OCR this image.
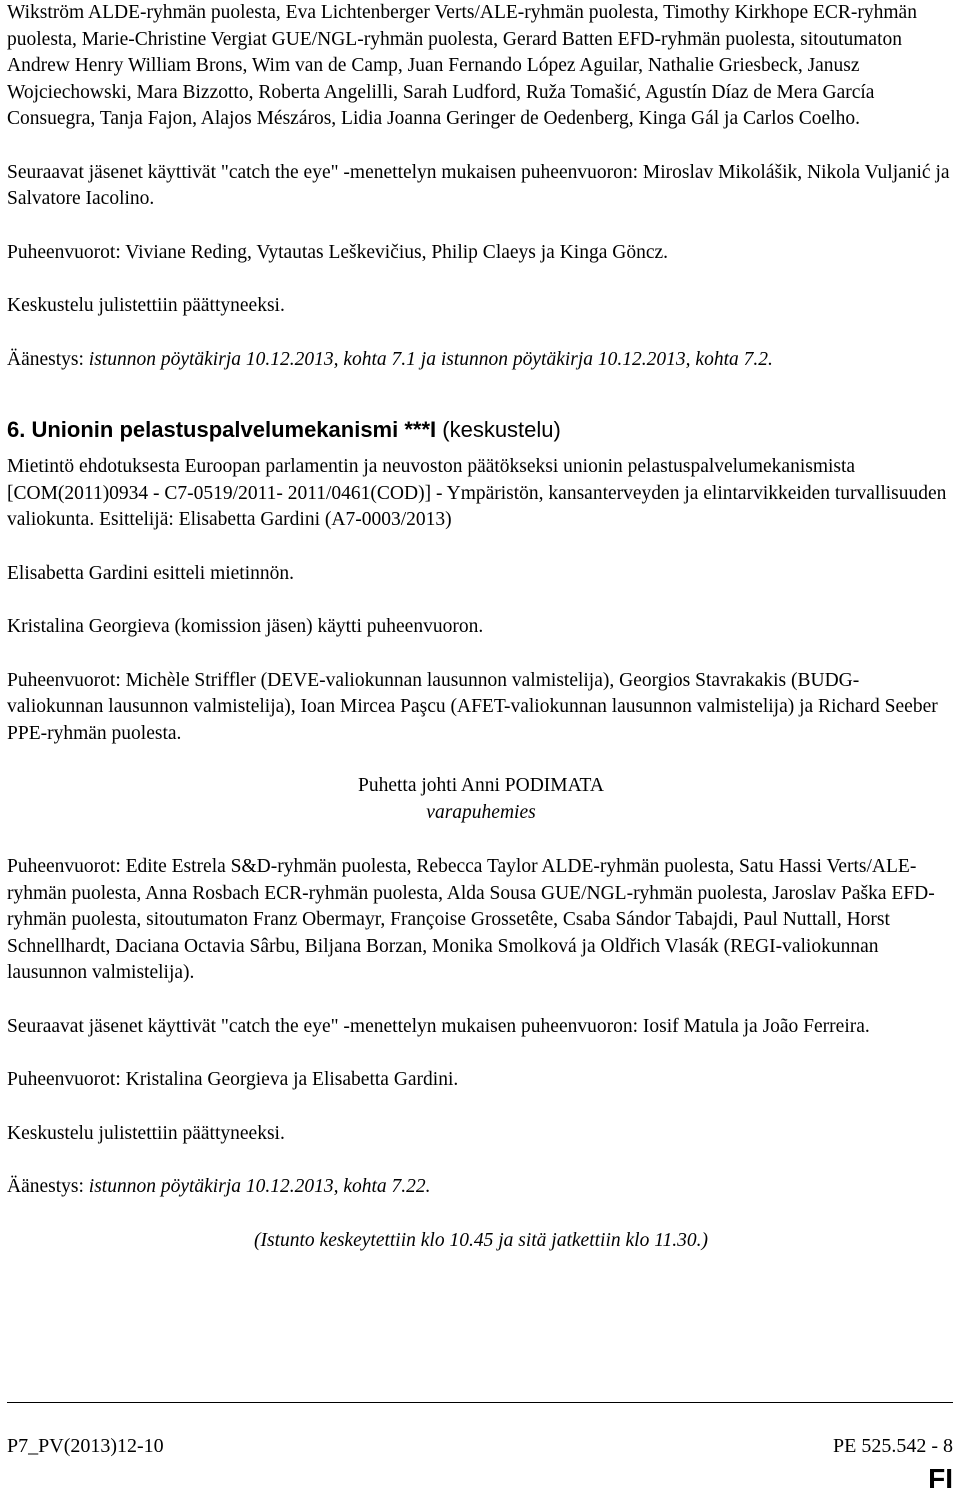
Wikström ALDE-ryhmän puolesta, Eva Lichtenberger Verts/ALE-ryhmän puolesta, Timothy Kirkhope ECR-ryhmän puolesta, Marie-Christine Vergiat GUE/NGL-ryhmän puolesta, Gerard Batten EFD-ryhmän puolesta, sitoutumaton Andrew Henry William Brons, Wim van de Camp, Juan Fernando López Aguilar, Nathalie Griesbeck, Janusz Wojciechowski, Mara Bizzotto, Roberta Angelilli, Sarah Ludford, Ruža Tomašić, Agustín Díaz de Mera García Consuegra, Tanja Fajon, Alajos Mészáros, Lidia Joanna Geringer de Oedenberg, Kinga Gál ja Carlos Coelho.

Seuraavat jäsenet käyttivät "catch the eye" -menettelyn mukaisen puheenvuoron: Miroslav Mikolášik, Nikola Vuljanić ja Salvatore Iacolino.

Puheenvuorot: Viviane Reding, Vytautas Leškevičius, Philip Claeys ja Kinga Göncz.

Keskustelu julistettiin päättyneeksi.

Äänestys: istunnon pöytäkirja 10.12.2013, kohta 7.1 ja istunnon pöytäkirja 10.12.2013, kohta 7.2.

6. Unionin pelastuspalvelumekanismi ***I (keskustelu)

Mietintö ehdotuksesta Euroopan parlamentin ja neuvoston päätökseksi unionin pelastuspalvelumekanismista [COM(2011)0934 - C7-0519/2011- 2011/0461(COD)] - Ympäristön, kansanterveyden ja elintarvikkeiden turvallisuuden valiokunta. Esittelijä: Elisabetta Gardini (A7-0003/2013)

Elisabetta Gardini esitteli mietinnön.

Kristalina Georgieva (komission jäsen) käytti puheenvuoron.

Puheenvuorot: Michèle Striffler (DEVE-valiokunnan lausunnon valmistelija), Georgios Stavrakakis (BUDG-valiokunnan lausunnon valmistelija), Ioan Mircea Paşcu (AFET-valiokunnan lausunnon valmistelija) ja Richard Seeber PPE-ryhmän puolesta.

Puhetta johti Anni PODIMATA

varapuhemies

Puheenvuorot: Edite Estrela S&D-ryhmän puolesta, Rebecca Taylor ALDE-ryhmän puolesta, Satu Hassi Verts/ALE-ryhmän puolesta, Anna Rosbach ECR-ryhmän puolesta, Alda Sousa GUE/NGL-ryhmän puolesta, Jaroslav Paška EFD-ryhmän puolesta, sitoutumaton Franz Obermayr, Françoise Grossetête, Csaba Sándor Tabajdi, Paul Nuttall, Horst Schnellhardt, Daciana Octavia Sârbu, Biljana Borzan, Monika Smolková ja Oldřich Vlasák (REGI-valiokunnan lausunnon valmistelija).

Seuraavat jäsenet käyttivät "catch the eye" -menettelyn mukaisen puheenvuoron: Iosif Matula ja João Ferreira.

Puheenvuorot: Kristalina Georgieva ja Elisabetta Gardini.

Keskustelu julistettiin päättyneeksi.

Äänestys: istunnon pöytäkirja 10.12.2013, kohta 7.22.

(Istunto keskeytettiin klo 10.45 ja sitä jatkettiin klo 11.30.)

P7_PV(2013)12-10	PE 525.542 - 8
FI
